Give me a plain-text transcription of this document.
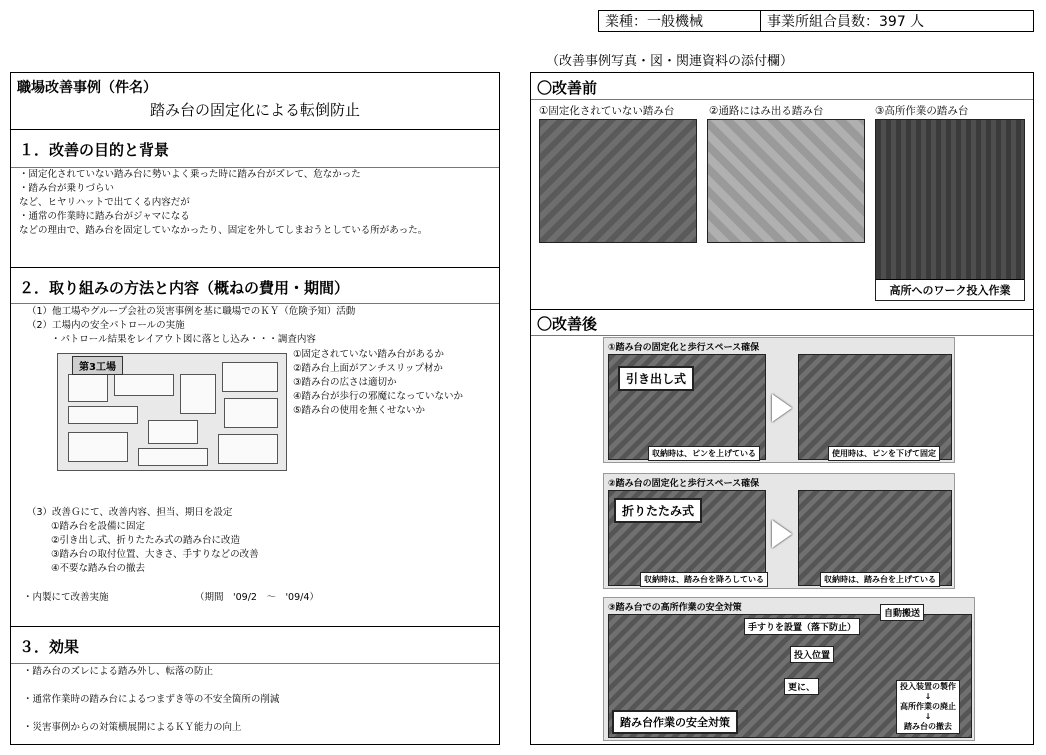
業種：一般機械	事業所組合員数：397 人
（改善事例写真・図・関連資料の添付欄）
職場改善事例（件名）
踏み台の固定化による転倒防止
１．改善の目的と背景
・固定化されていない踏み台に勢いよく乗った時に踏み台がズレて、危なかった
・踏み台が乗りづらい
など、ヒヤリハットで出てくる内容だが
・通常の作業時に踏み台がジャマになる
などの理由で、踏み台を固定していなかったり、固定を外してしまおうとしている所があった。
２．取り組みの方法と内容（概ねの費用・期間）
（1）他工場やグループ会社の災害事例を基に職場でのＫＹ（危険予知）活動
（2）工場内の安全パトロールの実施
・パトロール結果をレイアウト図に落とし込み・・・調査内容
第3工場
①固定されていない踏み台があるか
②踏み台上面がアンチスリップ材か
③踏み台の広さは適切か
④踏み台が歩行の邪魔になっていないか
⑤踏み台の使用を無くせないか
（3）改善Ｇにて、改善内容、担当、期日を設定
①踏み台を設備に固定
②引き出し式、折りたたみ式の踏み台に改造
③踏み台の取付位置、大きさ、手すりなどの改善
④不要な踏み台の撤去
・内製にて改善実施	（期間　'09/2　～　'09/4）
３．効果
・踏み台のズレによる踏み外し、転落の防止
・通常作業時の踏み台によるつまずき等の不安全箇所の削減
・災害事例からの対策横展開によるＫＹ能力の向上
〇改善前
①固定化されていない踏み台	②通路にはみ出る踏み台	③高所作業の踏み台
高所へのワーク投入作業
〇改善後
①踏み台の固定化と歩行スペース確保
引き出し式
収納時は、ピンを上げている	使用時は、ピンを下げて固定
②踏み台の固定化と歩行スペース確保
折りたたみ式
収納時は、踏み台を降ろしている	収納時は、踏み台を上げている
③踏み台での高所作業の安全対策
手すりを設置（落下防止）
投入位置
更に、
自動搬送
投入装置の製作
↓
高所作業の廃止
↓
踏み台の撤去
踏み台作業の安全対策
